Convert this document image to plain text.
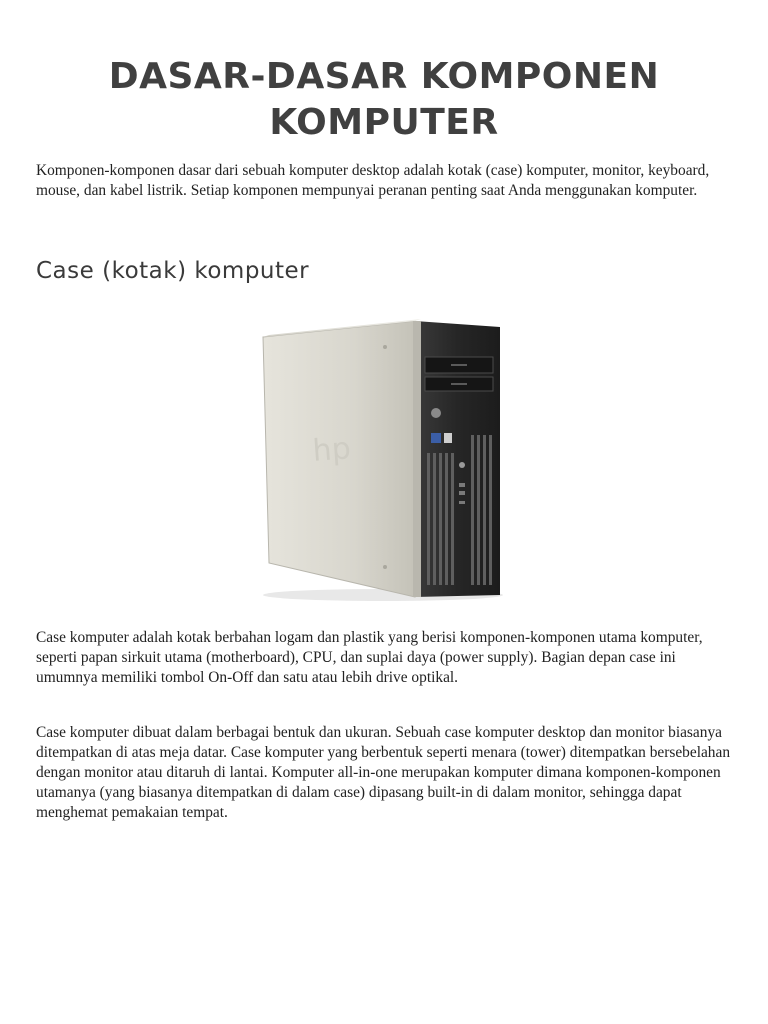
DASAR-DASAR KOMPONEN KOMPUTER

Komponen-komponen dasar dari sebuah komputer desktop adalah kotak (case) komputer, monitor, keyboard, mouse, dan kabel listrik. Setiap komponen mempunyai peranan penting saat Anda menggunakan komputer.

Case (kotak) komputer
hp

Case komputer adalah kotak berbahan logam dan plastik yang berisi komponen-komponen utama komputer, seperti papan sirkuit utama (motherboard), CPU, dan suplai daya (power supply). Bagian depan case ini umumnya memiliki tombol On-Off dan satu atau lebih drive optikal.

Case komputer dibuat dalam berbagai bentuk dan ukuran. Sebuah case komputer desktop dan monitor biasanya ditempatkan di atas meja datar. Case komputer yang berbentuk seperti menara (tower) ditempatkan bersebelahan dengan monitor atau ditaruh di lantai. Komputer all-in-one merupakan komputer dimana komponen-komponen utamanya (yang biasanya ditempatkan di dalam case) dipasang built-in di dalam monitor, sehingga dapat menghemat pemakaian tempat.
